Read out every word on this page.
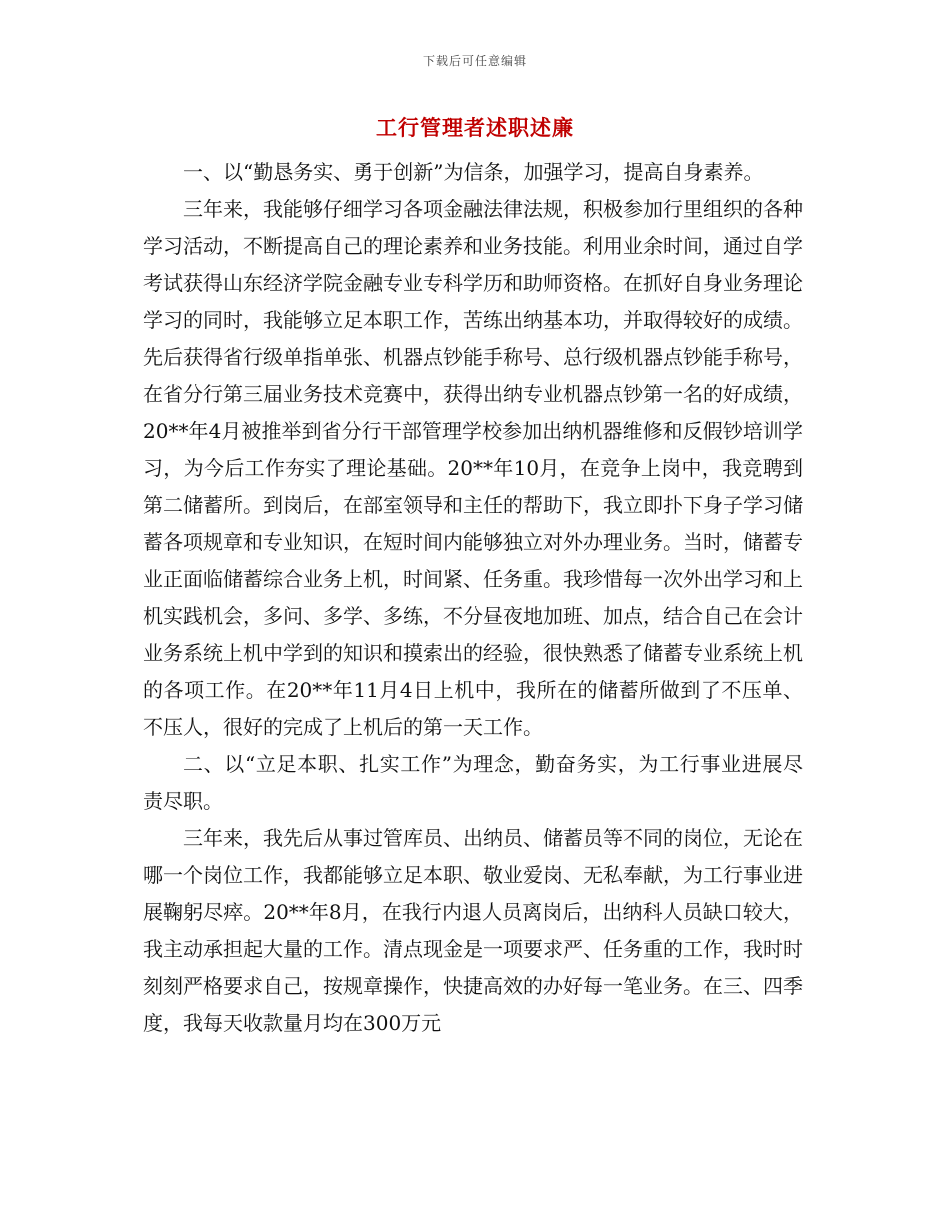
下载后可任意编辑
工行管理者述职述廉

一、以“勤恳务实、勇于创新”为信条，加强学习，提高自身素养。

三年来，我能够仔细学习各项金融法律法规，积极参加行里组织的各种学习活动，不断提高自己的理论素养和业务技能。利用业余时间，通过自学考试获得山东经济学院金融专业专科学历和助师资格。在抓好自身业务理论学习的同时，我能够立足本职工作，苦练出纳基本功，并取得较好的成绩。先后获得省行级单指单张、机器点钞能手称号、总行级机器点钞能手称号，在省分行第三届业务技术竞赛中，获得出纳专业机器点钞第一名的好成绩，20**年4月被推举到省分行干部管理学校参加出纳机器维修和反假钞培训学习，为今后工作夯实了理论基础。20**年10月，在竞争上岗中，我竞聘到第二储蓄所。到岗后，在部室领导和主任的帮助下，我立即扑下身子学习储蓄各项规章和专业知识，在短时间内能够独立对外办理业务。当时，储蓄专业正面临储蓄综合业务上机，时间紧、任务重。我珍惜每一次外出学习和上机实践机会，多问、多学、多练，不分昼夜地加班、加点，结合自己在会计业务系统上机中学到的知识和摸索出的经验，很快熟悉了储蓄专业系统上机的各项工作。在20**年11月4日上机中，我所在的储蓄所做到了不压单、不压人，很好的完成了上机后的第一天工作。

二、以“立足本职、扎实工作”为理念，勤奋务实，为工行事业进展尽责尽职。

三年来，我先后从事过管库员、出纳员、储蓄员等不同的岗位，无论在哪一个岗位工作，我都能够立足本职、敬业爱岗、无私奉献，为工行事业进展鞠躬尽瘁。20**年8月，在我行内退人员离岗后，出纳科人员缺口较大，我主动承担起大量的工作。清点现金是一项要求严、任务重的工作，我时时刻刻严格要求自己，按规章操作，快捷高效的办好每一笔业务。在三、四季度，我每天收款量月均在300万元
